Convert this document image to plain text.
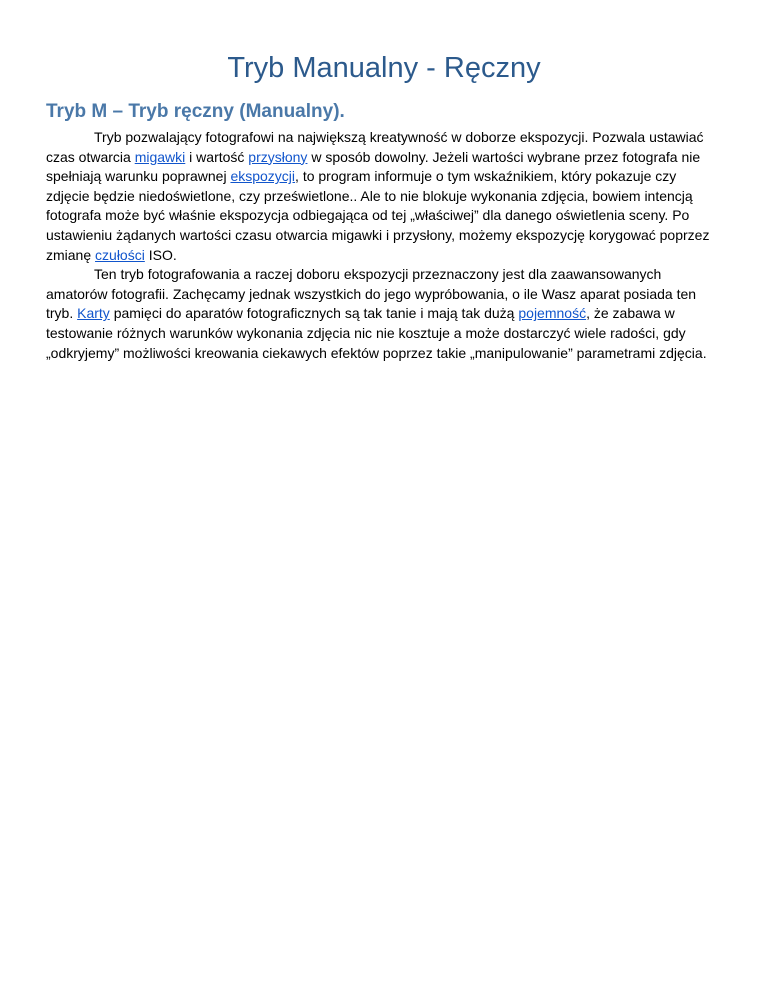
Tryb Manualny - Ręczny
Tryb M – Tryb ręczny (Manualny).

Tryb pozwalający fotografowi na największą kreatywność w doborze ekspozycji. Pozwala ustawiać czas otwarcia migawki i wartość przysłony w sposób dowolny. Jeżeli wartości wybrane przez fotografa nie spełniają warunku poprawnej ekspozycji, to program informuje o tym wskaźnikiem, który pokazuje czy zdjęcie będzie niedoświetlone, czy prześwietlone.. Ale to nie blokuje wykonania zdjęcia, bowiem intencją fotografa może być właśnie ekspozycja odbiegająca od tej „właściwej” dla danego oświetlenia sceny. Po ustawieniu żądanych wartości czasu otwarcia migawki i przysłony, możemy ekspozycję korygować poprzez zmianę czułości ISO.

Ten tryb fotografowania a raczej doboru ekspozycji przeznaczony jest dla zaawansowanych amatorów fotografii. Zachęcamy jednak wszystkich do jego wypróbowania, o ile Wasz aparat posiada ten tryb. Karty pamięci do aparatów fotograficznych są tak tanie i mają tak dużą pojemność, że zabawa w testowanie różnych warunków wykonania zdjęcia nic nie kosztuje a może dostarczyć wiele radości, gdy „odkryjemy” możliwości kreowania ciekawych efektów poprzez takie „manipulowanie” parametrami zdjęcia.
